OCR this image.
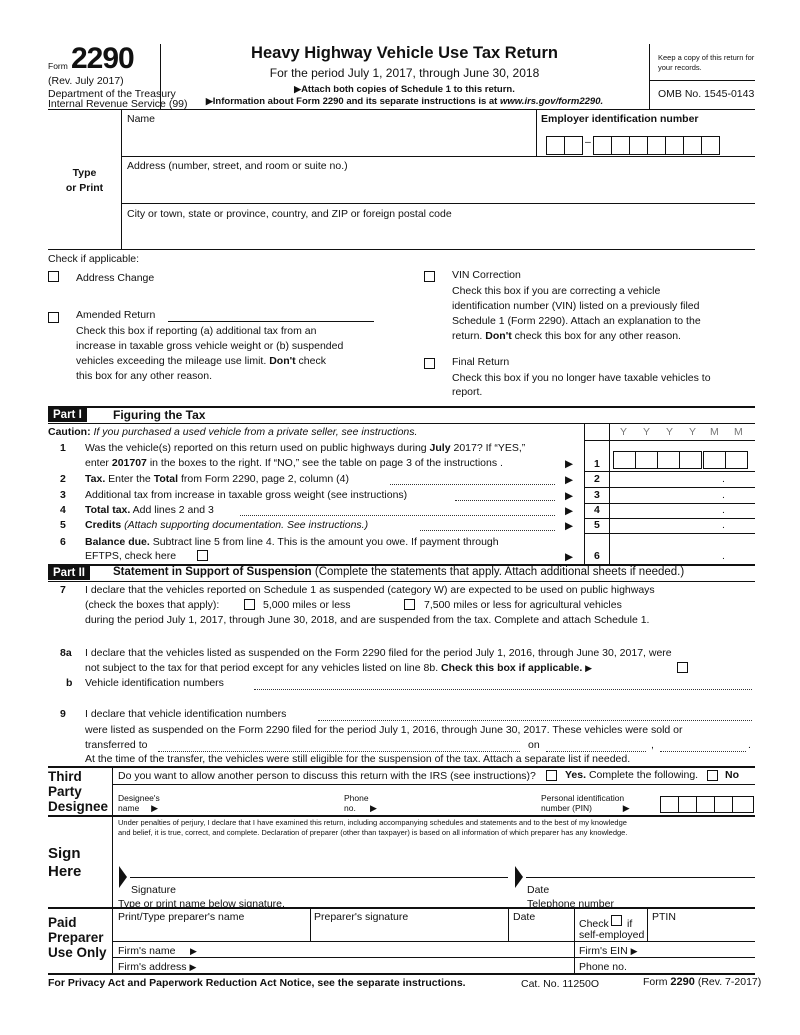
Form 2290
(Rev. July 2017)
Department of the Treasury
Internal Revenue Service (99)
Heavy Highway Vehicle Use Tax Return
For the period July 1, 2017, through June 30, 2018
▶Attach both copies of Schedule 1 to this return.
▶Information about Form 2290 and its separate instructions is at www.irs.gov/form2290.
Keep a copy of this return for your records.
OMB No. 1545-0143
Name	Employer identification number
–
Type
or Print
Address (number, street, and room or suite no.)
City or town, state or province, country, and ZIP or foreign postal code
Check if applicable:
Address Change
Amended Return
Check this box if reporting (a) additional tax from an
increase in taxable gross vehicle weight or (b) suspended
vehicles exceeding the mileage use limit. Don't check
this box for any other reason.
VIN Correction
Check this box if you are correcting a vehicle
identification number (VIN) listed on a previously filed
Schedule 1 (Form 2290). Attach an explanation to the
return. Don't check this box for any other reason.
Final Return
Check this box if you no longer have taxable vehicles to
report.
Part I	Figuring the Tax
Caution: If you purchased a used vehicle from a private seller, see instructions.	Y Y Y Y M M
1 Was the vehicle(s) reported on this return used on public highways during July 2017? If “YES,”
enter 201707 in the boxes to the right. If “NO,” see the table on page 3 of the instructions .	▶ 1
2 Tax. Enter the Total from Form 2290, page 2, column (4)	▶ 2	.
3 Additional tax from increase in taxable gross weight (see instructions)	▶ 3	.
4 Total tax. Add lines 2 and 3	▶ 4	.
5 Credits (Attach supporting documentation. See instructions.)	▶ 5	.
6 Balance due. Subtract line 5 from line 4. This is the amount you owe. If payment through
EFTPS, check here	▶ 6	.
Part II	Statement in Support of Suspension (Complete the statements that apply. Attach additional sheets if needed.)
7 I declare that the vehicles reported on Schedule 1 as suspended (category W) are expected to be used on public highways
(check the boxes that apply):	5,000 miles or less	7,500 miles or less for agricultural vehicles
during the period July 1, 2017, through June 30, 2018, and are suspended from the tax. Complete and attach Schedule 1.
8a I declare that the vehicles listed as suspended on the Form 2290 filed for the period July 1, 2016, through June 30, 2017, were
not subject to the tax for that period except for any vehicles listed on line 8b. Check this box if applicable. ▶
b Vehicle identification numbers
9 I declare that vehicle identification numbers
were listed as suspended on the Form 2290 filed for the period July 1, 2016, through June 30, 2017. These vehicles were sold or
transferred to	on	,	.
At the time of the transfer, the vehicles were still eligible for the suspension of the tax. Attach a separate list if needed.
Third
Party
Designee
Do you want to allow another person to discuss this return with the IRS (see instructions)?	Yes. Complete the following.	No
Designee's
name ▶
Phone
no. ▶
Personal identification
number (PIN)	▶
Under penalties of perjury, I declare that I have examined this return, including accompanying schedules and statements and to the best of my knowledge
and belief, it is true, correct, and complete. Declaration of preparer (other than taxpayer) is based on all information of which preparer has any knowledge.
Sign
Here
Signature	Date
Type or print name below signature.	Telephone number
Paid
Preparer
Use Only
Print/Type preparer's name	Preparer's signature	Date
Check if
self-employed
PTIN
Firm's name ▶	Firm's EIN ▶
Firm's address ▶	Phone no.
For Privacy Act and Paperwork Reduction Act Notice, see the separate instructions.	Cat. No. 11250O	Form 2290 (Rev. 7-2017)
